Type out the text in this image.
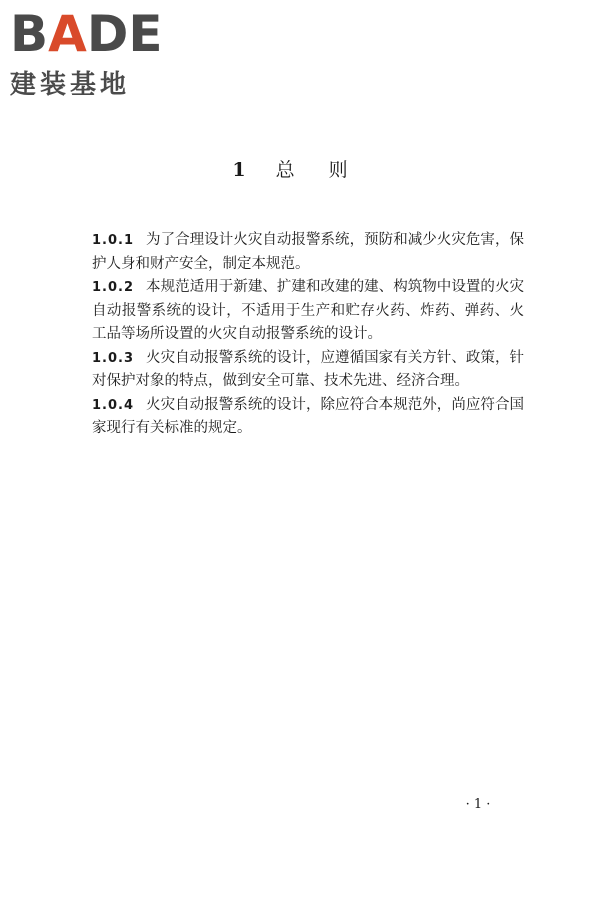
BADE
建装基地
1 总 则

1.0.1 为了合理设计火灾自动报警系统，预防和减少火灾危害，保护人身和财产安全，制定本规范。

1.0.2 本规范适用于新建、扩建和改建的建、构筑物中设置的火灾自动报警系统的设计，不适用于生产和贮存火药、炸药、弹药、火工品等场所设置的火灾自动报警系统的设计。

1.0.3 火灾自动报警系统的设计，应遵循国家有关方针、政策，针对保护对象的特点，做到安全可靠、技术先进、经济合理。

1.0.4 火灾自动报警系统的设计，除应符合本规范外，尚应符合国家现行有关标准的规定。

· 1 ·
